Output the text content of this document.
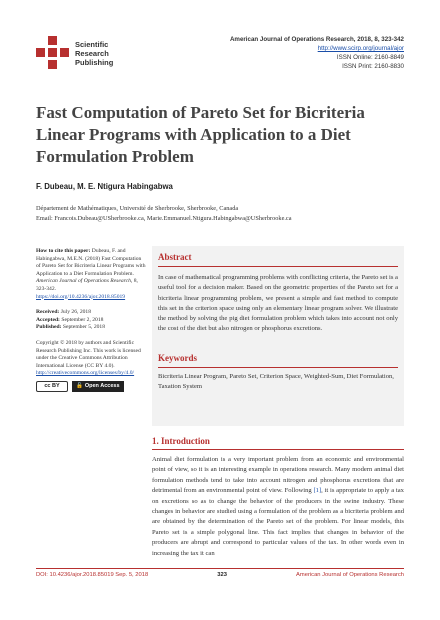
Scientific
Research
Publishing
American Journal of Operations Research, 2018, 8, 323-342
http://www.scirp.org/journal/ajor
ISSN Online: 2160-8849
ISSN Print: 2160-8830
Fast Computation of Pareto Set for Bicriteria Linear Programs with Application to a Diet Formulation Problem
F. Dubeau, M. E. Ntigura Habingabwa
Département de Mathématiques, Université de Sherbrooke, Sherbrooke, Canada
Email: Francois.Dubeau@USherbrooke.ca, Marie.Emmanuel.Ntigura.Habingabwa@USherbrooke.ca
How to cite this paper: Dubeau, F. and Habingabwa, M.E.N. (2018) Fast Computation of Pareto Set for Bicriteria Linear Programs with Application to a Diet Formulation Problem. American Journal of Operations Research, 8, 323-342. https://doi.org/10.4236/ajor.2018.85019
Received: July 26, 2018
Accepted: September 2, 2018
Published: September 5, 2018
Copyright © 2018 by authors and Scientific Research Publishing Inc. This work is licensed under the Creative Commons Attribution International License (CC BY 4.0).
http://creativecommons.org/licenses/by/4.0/
cc BY	🔓 Open Access
Abstract
In case of mathematical programming problems with conflicting criteria, the Pareto set is a useful tool for a decision maker. Based on the geometric properties of the Pareto set for a bicriteria linear programming problem, we present a simple and fast method to compute this set in the criterion space using only an elementary linear program solver. We illustrate the method by solving the pig diet formulation problem which takes into account not only the cost of the diet but also nitrogen or phosphorus excretions.
Keywords
Bicriteria Linear Program, Pareto Set, Criterion Space, Weighted-Sum, Diet Formulation, Taxation System
1. Introduction
Animal diet formulation is a very important problem from an economic and environmental point of view, so it is an interesting example in operations research. Many modern animal diet formulation methods tend to take into account nitrogen and phosphorus excretions that are detrimental from an environmental point of view. Following [1], it is appropriate to apply a tax on excretions so as to change the behavior of the producers in the swine industry. These changes in behavior are studied using a formulation of the problem as a bicriteria problem and are obtained by the determination of the Pareto set of the problem. For linear models, this Pareto set is a simple polygonal line. This fact implies that changes in behavior of the producers are abrupt and correspond to particular values of the tax. In other words even in increasing the tax it can
DOI: 10.4236/ajor.2018.85019 Sep. 5, 2018	323	American Journal of Operations Research
